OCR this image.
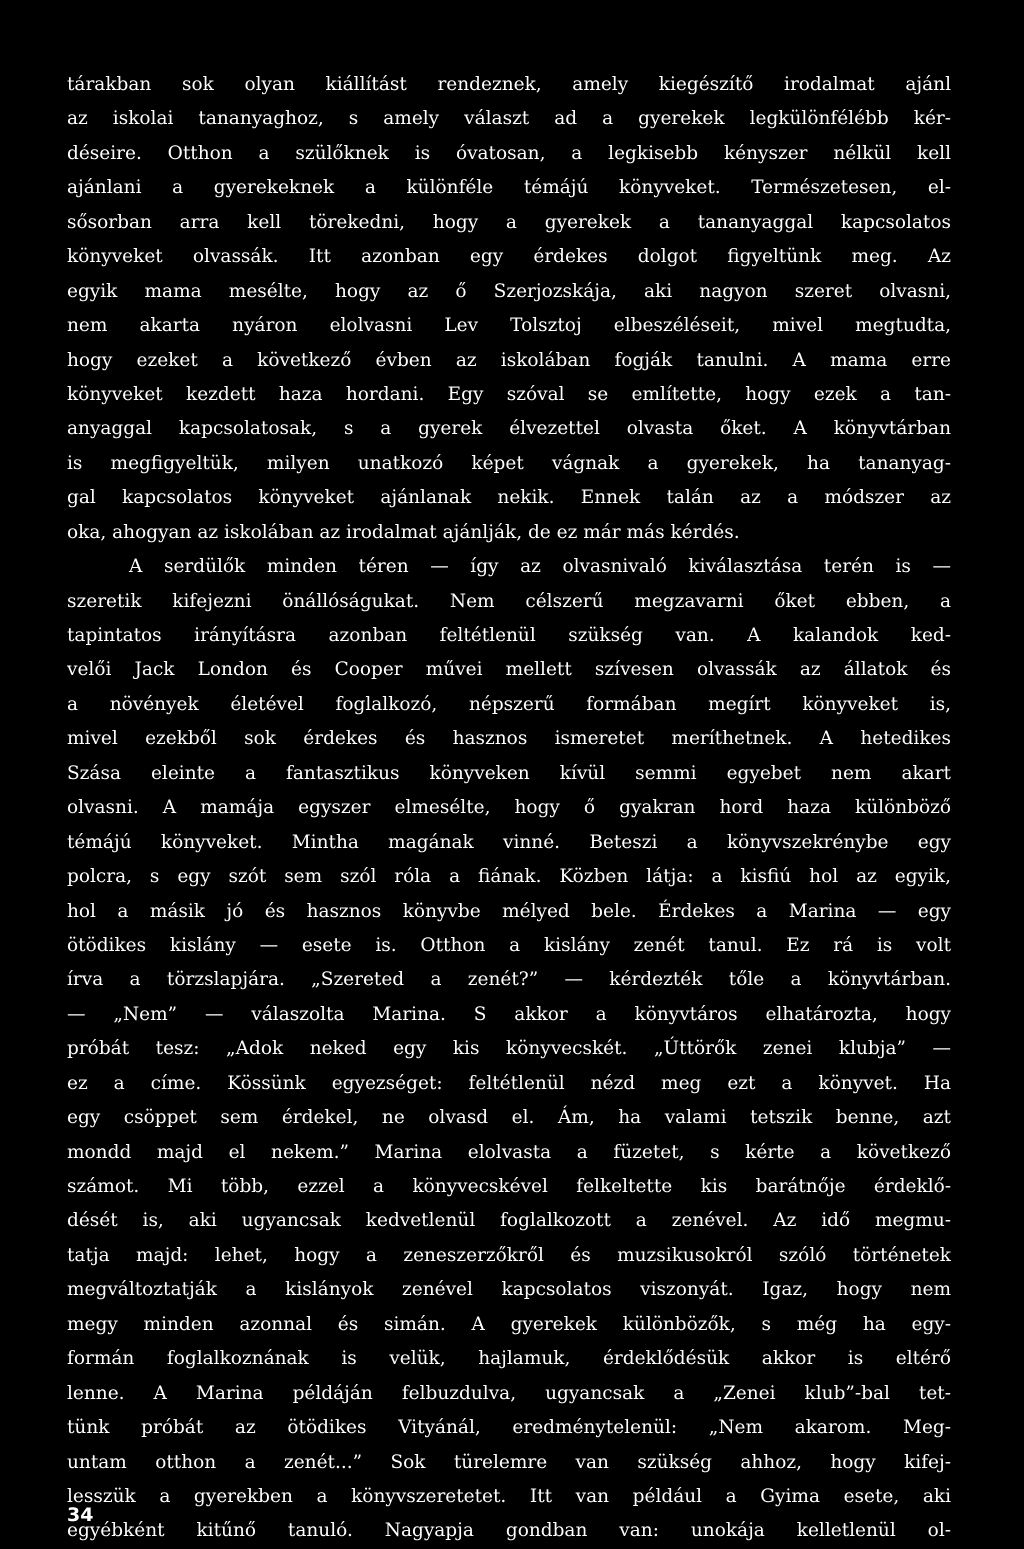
tárakban sok olyan kiállítást rendeznek, amely kiegészítő irodalmat ajánl
az iskolai tananyaghoz, s amely választ ad a gyerekek legkülönfélébb kér-
déseire. Otthon a szülőknek is óvatosan, a legkisebb kényszer nélkül kell
ajánlani a gyerekeknek a különféle témájú könyveket. Természetesen, el-
sősorban arra kell törekedni, hogy a gyerekek a tananyaggal kapcsolatos
könyveket olvassák. Itt azonban egy érdekes dolgot figyeltünk meg. Az
egyik mama mesélte, hogy az ő Szerjozskája, aki nagyon szeret olvasni,
nem akarta nyáron elolvasni Lev Tolsztoj elbeszéléseit, mivel megtudta,
hogy ezeket a következő évben az iskolában fogják tanulni. A mama erre
könyveket kezdett haza hordani. Egy szóval se említette, hogy ezek a tan-
anyaggal kapcsolatosak, s a gyerek élvezettel olvasta őket. A könyvtárban
is megfigyeltük, milyen unatkozó képet vágnak a gyerekek, ha tananyag-
gal kapcsolatos könyveket ajánlanak nekik. Ennek talán az a módszer az
oka, ahogyan az iskolában az irodalmat ajánlják, de ez már más kérdés.
A serdülők minden téren — így az olvasnivaló kiválasztása terén is —
szeretik kifejezni önállóságukat. Nem célszerű megzavarni őket ebben, a
tapintatos irányításra azonban feltétlenül szükség van. A kalandok ked-
velői Jack London és Cooper művei mellett szívesen olvassák az állatok és
a növények életével foglalkozó, népszerű formában megírt könyveket is,
mivel ezekből sok érdekes és hasznos ismeretet meríthetnek. A hetedikes
Szása eleinte a fantasztikus könyveken kívül semmi egyebet nem akart
olvasni. A mamája egyszer elmesélte, hogy ő gyakran hord haza különböző
témájú könyveket. Mintha magának vinné. Beteszi a könyvszekrénybe egy
polcra, s egy szót sem szól róla a fiának. Közben látja: a kisfiú hol az egyik,
hol a másik jó és hasznos könyvbe mélyed bele. Érdekes a Marina — egy
ötödikes kislány — esete is. Otthon a kislány zenét tanul. Ez rá is volt
írva a törzslapjára. „Szereted a zenét?” — kérdezték tőle a könyvtárban.
— „Nem” — válaszolta Marina. S akkor a könyvtáros elhatározta, hogy
próbát tesz: „Adok neked egy kis könyvecskét. „Úttörők zenei klubja” —
ez a címe. Kössünk egyezséget: feltétlenül nézd meg ezt a könyvet. Ha
egy csöppet sem érdekel, ne olvasd el. Ám, ha valami tetszik benne, azt
mondd majd el nekem.” Marina elolvasta a füzetet, s kérte a következő
számot. Mi több, ezzel a könyvecskével felkeltette kis barátnője érdeklő-
dését is, aki ugyancsak kedvetlenül foglalkozott a zenével. Az idő megmu-
tatja majd: lehet, hogy a zeneszerzőkről és muzsikusokról szóló történetek
megváltoztatják a kislányok zenével kapcsolatos viszonyát. Igaz, hogy nem
megy minden azonnal és simán. A gyerekek különbözők, s még ha egy-
formán foglalkoznának is velük, hajlamuk, érdeklődésük akkor is eltérő
lenne. A Marina példáján felbuzdulva, ugyancsak a „Zenei klub”-bal tet-
tünk próbát az ötödikes Vityánál, eredménytelenül: „Nem akarom. Meg-
untam otthon a zenét...” Sok türelemre van szükség ahhoz, hogy kifej-
lesszük a gyerekben a könyvszeretetet. Itt van például a Gyima esete, aki
egyébként kitűnő tanuló. Nagyapja gondban van: unokája kelletlenül ol-
34
